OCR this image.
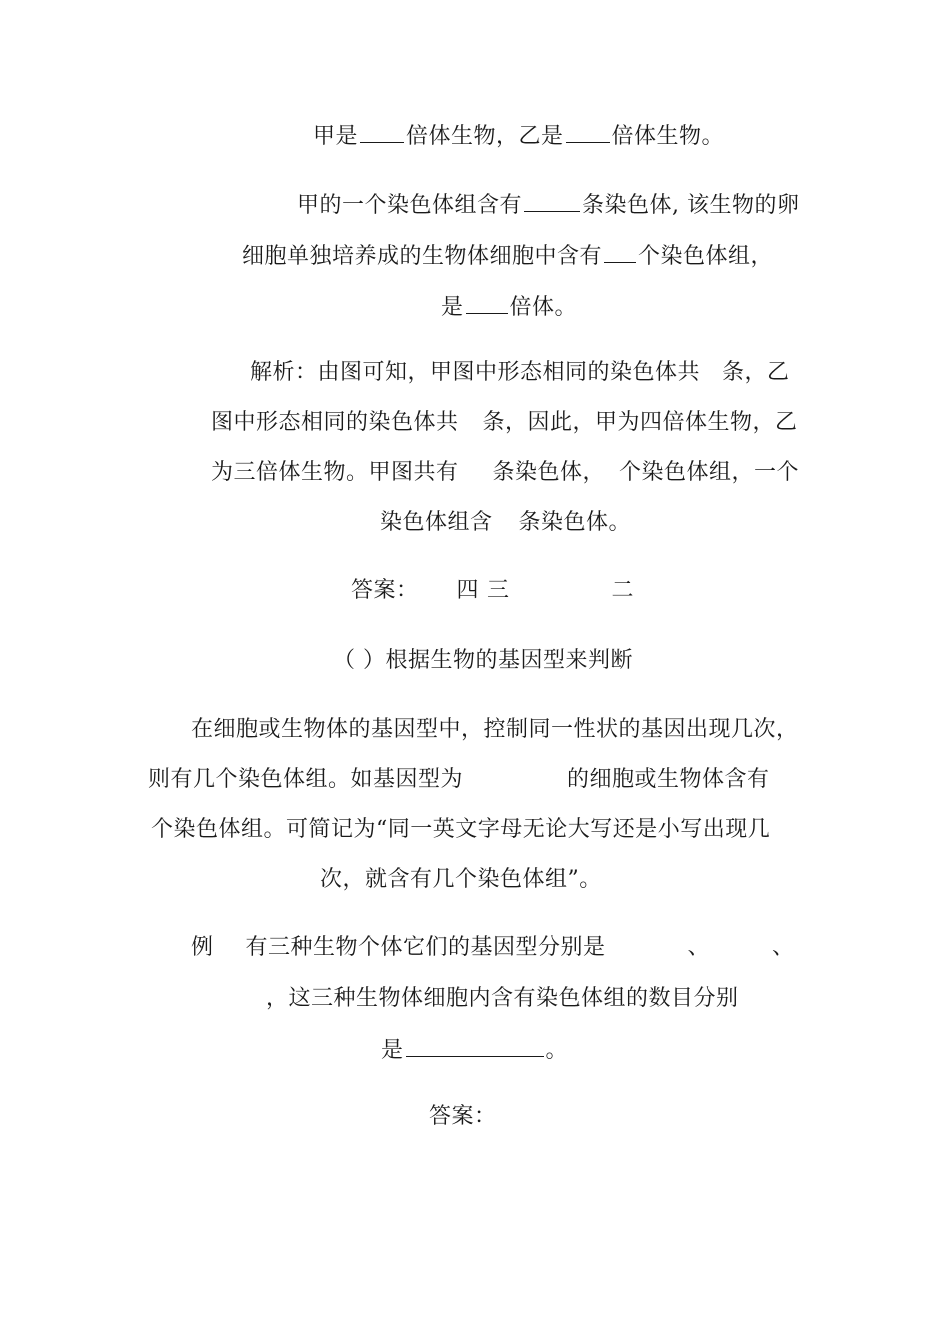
甲是 倍体生物，乙是 倍体生物。
甲的一个染色体组含有	条染色体, 该生物的卵
细胞单独培养成的生物体细胞中含有 个染色体组，
是 倍体。
解析：由图可知，甲图中形态相同的染色体共 条，乙
图中形态相同的染色体共 条，因此，甲为四倍体生物，乙
为三倍体生物。甲图共有 条染色体， 个染色体组，一个
染色体组含 条染色体。
答案： 四 三	二
（ ）根据生物的基因型来判断
在细胞或生物体的基因型中，控制同一性状的基因出现几次，
则有几个染色体组。如基因型为	的细胞或生物体含有
个染色体组。可简记为“同一英文字母无论大写还是小写出现几
次，就含有几个染色体组”。
例 有三种生物个体它们的基因型分别是	、	、
，这三种生物体细胞内含有染色体组的数目分别
是	。
答案：
